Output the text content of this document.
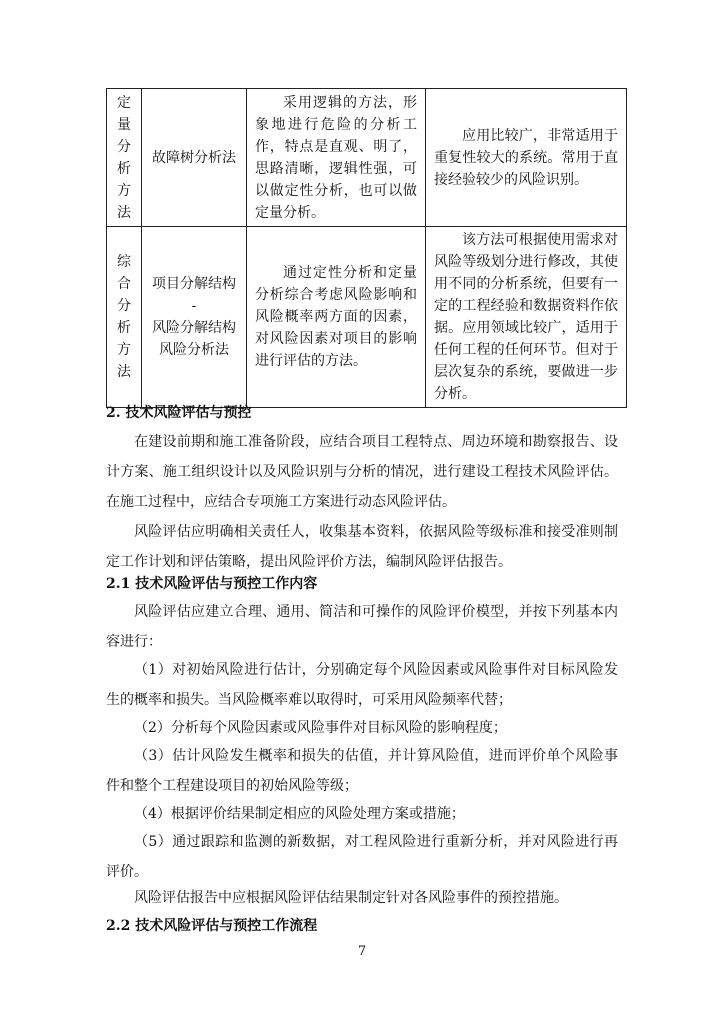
定量分析方法	故障树分析法	采用逻辑的方法，形象地进行危险的分析工作，特点是直观、明了，思路清晰，逻辑性强，可以做定性分析，也可以做定量分析。	应用比较广，非常适用于重复性较大的系统。常用于直接经验较少的风险识别。

综合分析方法	项目分解结构
-
风险分解结构
风险分析法	通过定性分析和定量分析综合考虑风险影响和风险概率两方面的因素，对风险因素对项目的影响进行评估的方法。	该方法可根据使用需求对风险等级划分进行修改，其使用不同的分析系统，但要有一定的工程经验和数据资料作依据。应用领域比较广，适用于任何工程的任何环节。但对于层次复杂的系统，要做进一步分析。
2. 技术风险评估与预控
在建设前期和施工准备阶段，应结合项目工程特点、周边环境和勘察报告、设计方案、施工组织设计以及风险识别与分析的情况，进行建设工程技术风险评估。在施工过程中，应结合专项施工方案进行动态风险评估。
风险评估应明确相关责任人，收集基本资料，依据风险等级标准和接受准则制定工作计划和评估策略，提出风险评价方法，编制风险评估报告。
2.1 技术风险评估与预控工作内容
风险评估应建立合理、通用、简洁和可操作的风险评价模型，并按下列基本内容进行：
（1）对初始风险进行估计，分别确定每个风险因素或风险事件对目标风险发生的概率和损失。当风险概率难以取得时，可采用风险频率代替；
（2）分析每个风险因素或风险事件对目标风险的影响程度；
（3）估计风险发生概率和损失的估值，并计算风险值，进而评价单个风险事件和整个工程建设项目的初始风险等级；
（4）根据评价结果制定相应的风险处理方案或措施；
（5）通过跟踪和监测的新数据，对工程风险进行重新分析，并对风险进行再评价。
风险评估报告中应根据风险评估结果制定针对各风险事件的预控措施。
2.2 技术风险评估与预控工作流程
7
